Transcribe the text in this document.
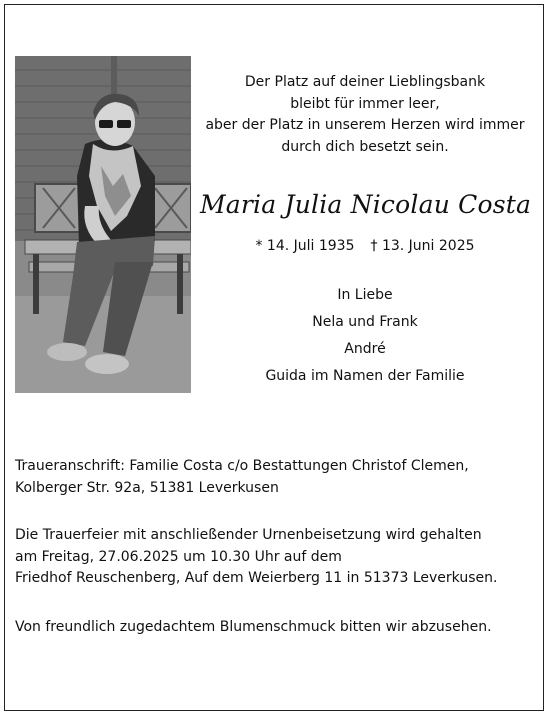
Der Platz auf deiner Lieblingsbank
bleibt für immer leer,
aber der Platz in unserem Herzen wird immer
durch dich besetzt sein.
Maria Julia Nicolau Costa
* 14. Juli 1935 † 13. Juni 2025
In Liebe
Nela und Frank
André
Guida im Namen der Familie
Traueranschrift: Familie Costa c/o Bestattungen Christof Clemen,
Kolberger Str. 92a, 51381 Leverkusen
Die Trauerfeier mit anschließender Urnenbeisetzung wird gehalten
am Freitag, 27.06.2025 um 10.30 Uhr auf dem
Friedhof Reuschenberg, Auf dem Weierberg 11 in 51373 Leverkusen.
Von freundlich zugedachtem Blumenschmuck bitten wir abzusehen.
